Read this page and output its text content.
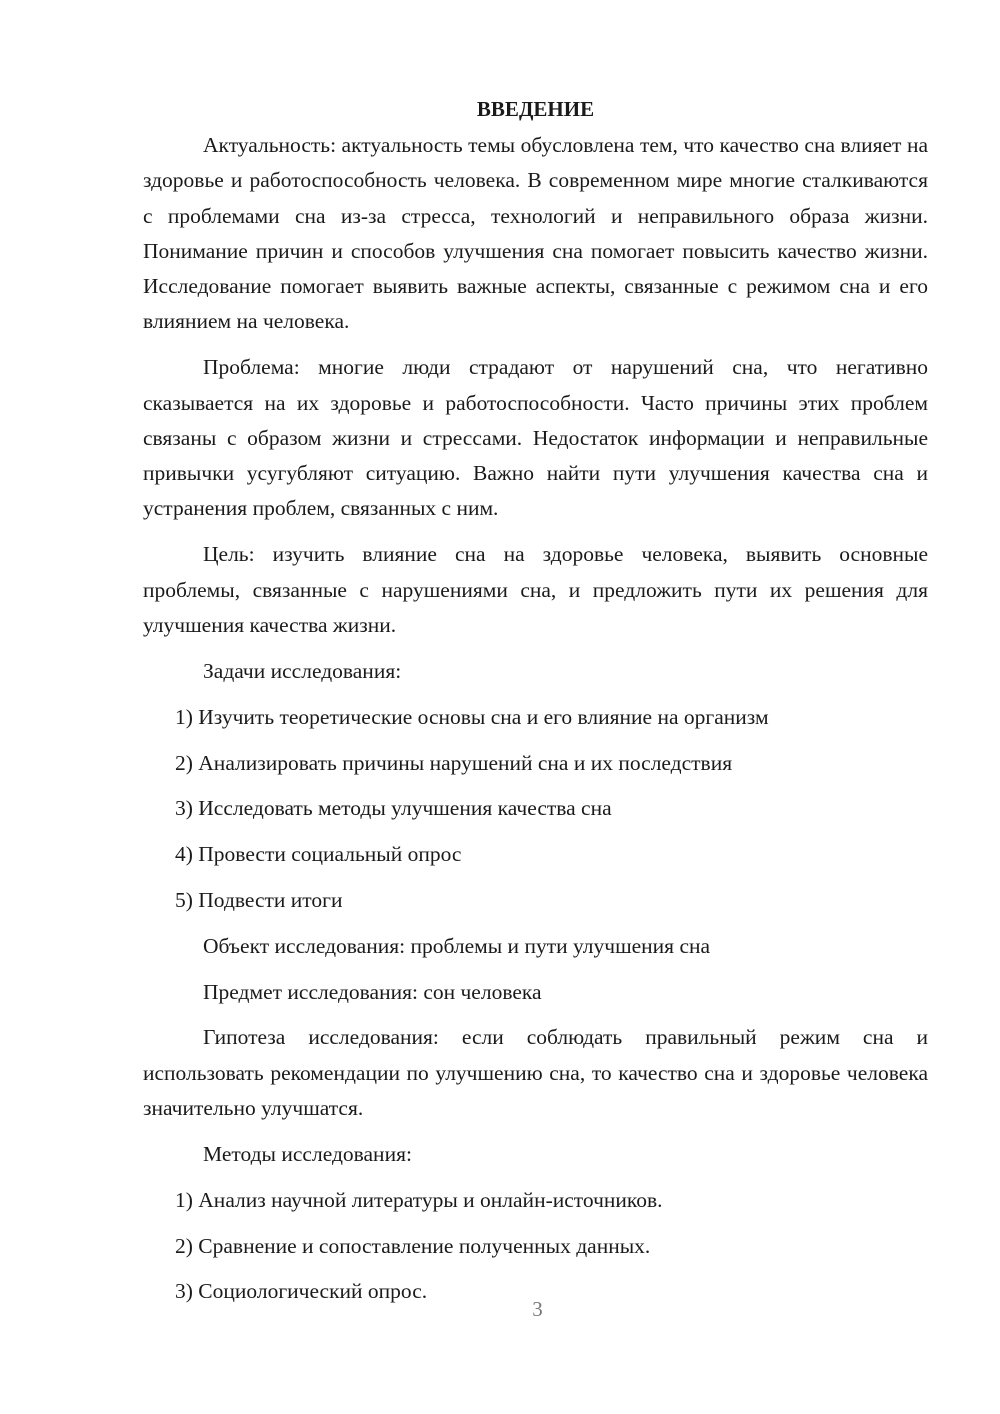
ВВЕДЕНИЕ

Актуальность: актуальность темы обусловлена тем, что качество сна влияет на здоровье и работоспособность человека. В современном мире многие сталкиваются с проблемами сна из-за стресса, технологий и неправильного образа жизни. Понимание причин и способов улучшения сна помогает повысить качество жизни. Исследование помогает выявить важные аспекты, связанные с режимом сна и его влиянием на человека.

Проблема: многие люди страдают от нарушений сна, что негативно сказывается на их здоровье и работоспособности. Часто причины этих проблем связаны с образом жизни и стрессами. Недостаток информации и неправильные привычки усугубляют ситуацию. Важно найти пути улучшения качества сна и устранения проблем, связанных с ним.

Цель: изучить влияние сна на здоровье человека, выявить основные проблемы, связанные с нарушениями сна, и предложить пути их решения для улучшения качества жизни.

Задачи исследования:
1) Изучить теоретические основы сна и его влияние на организм
2) Анализировать причины нарушений сна и их последствия
3) Исследовать методы улучшения качества сна
4) Провести социальный опрос
5) Подвести итоги
Объект исследования: проблемы и пути улучшения сна
Предмет исследования: сон человека

Гипотеза исследования: если соблюдать правильный режим сна и использовать рекомендации по улучшению сна, то качество сна и здоровье человека значительно улучшатся.

Методы исследования:
1) Анализ научной литературы и онлайн-источников.
2) Сравнение и сопоставление полученных данных.
3) Социологический опрос.
3
